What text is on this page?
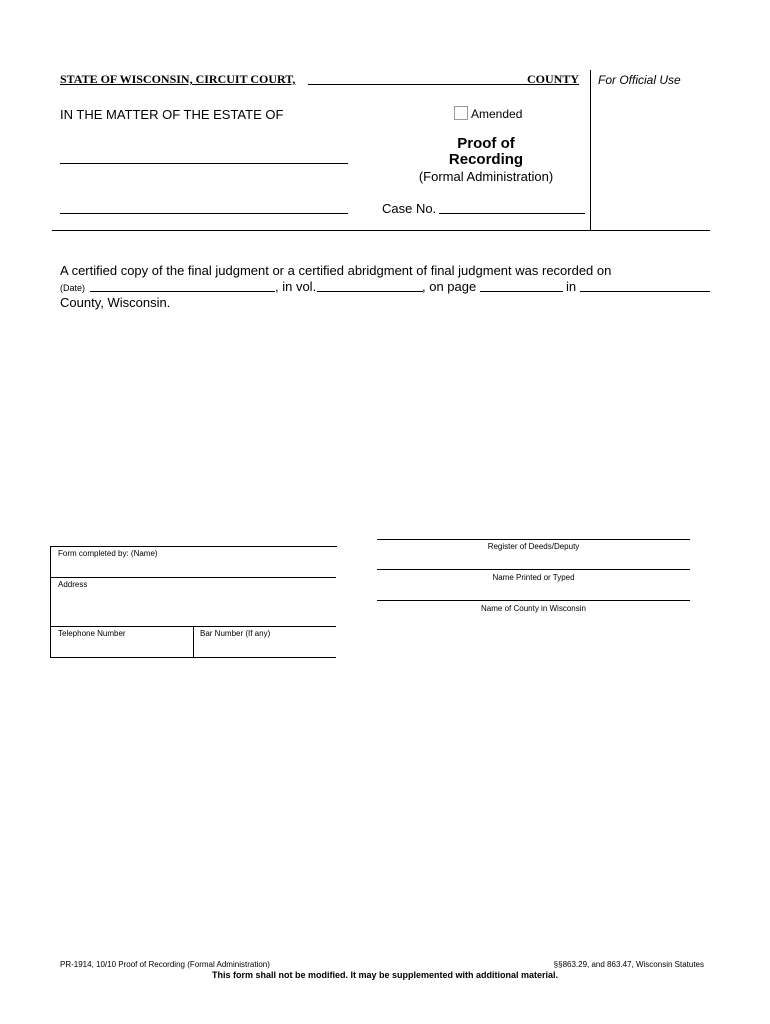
STATE OF WISCONSIN, CIRCUIT COURT,	COUNTY For Official Use
IN THE MATTER OF THE ESTATE OF	Amended
Proof of
Recording
(Formal Administration)
Case No.
A certified copy of the final judgment or a certified abridgment of final judgment was recorded on
(Date)	, in vol.	, on page	in
County, Wisconsin.
Form completed by: (Name)
Address
Telephone Number	Bar Number (If any)
Register of Deeds/Deputy
Name Printed or Typed
Name of County in Wisconsin
PR-1914, 10/10 Proof of Recording (Formal Administration)	§§863.29, and 863.47, Wisconsin Statutes
This form shall not be modified. It may be supplemented with additional material.
